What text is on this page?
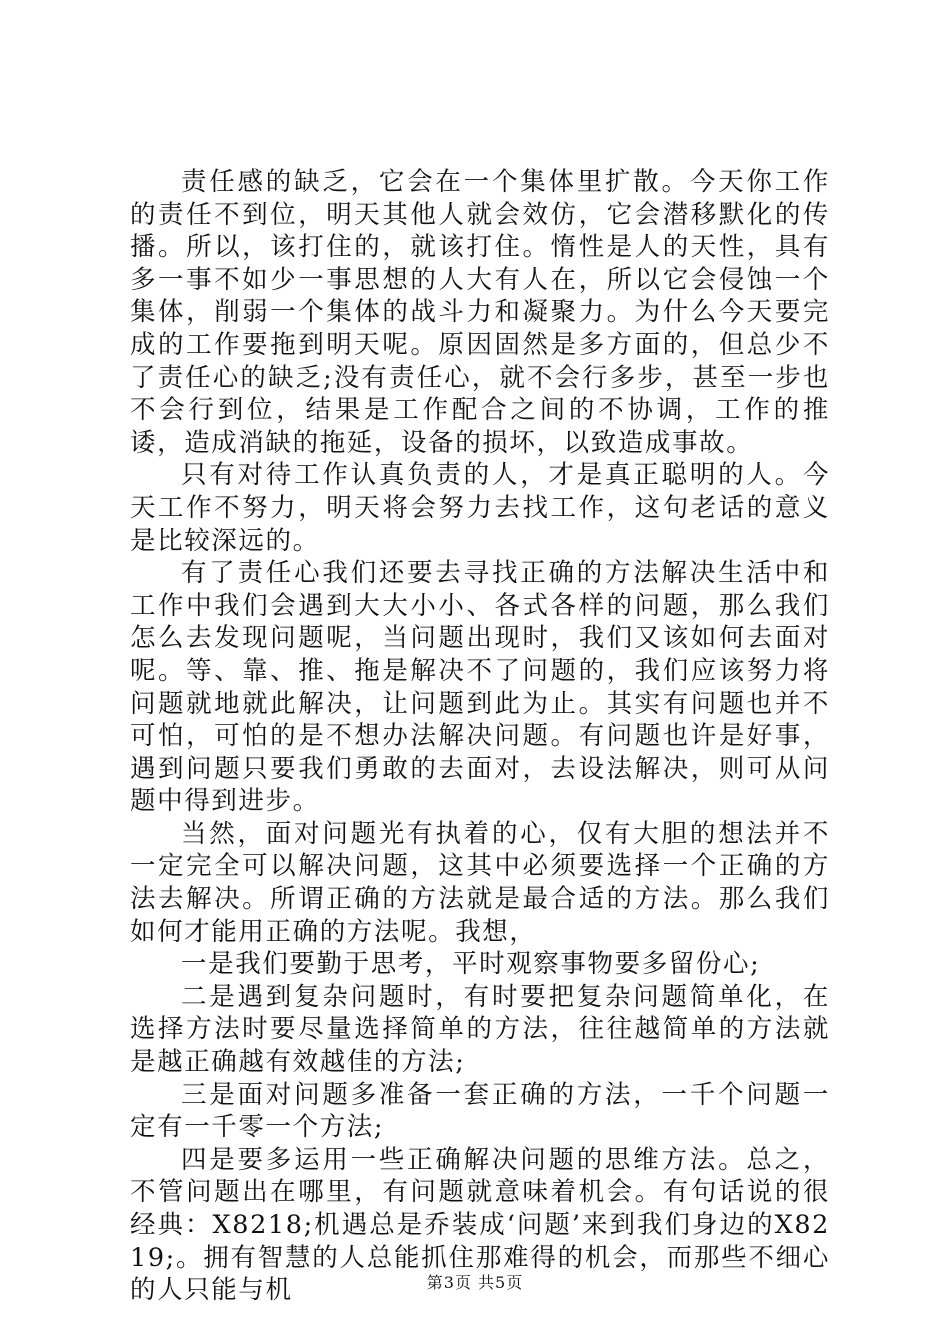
责任感的缺乏，它会在一个集体里扩散。今天你工作的责任不到位，明天其他人就会效仿，它会潜移默化的传播。所以，该打住的，就该打住。惰性是人的天性，具有多一事不如少一事思想的人大有人在，所以它会侵蚀一个集体，削弱一个集体的战斗力和凝聚力。为什么今天要完成的工作要拖到明天呢。原因固然是多方面的，但总少不了责任心的缺乏;没有责任心，就不会行多步，甚至一步也不会行到位，结果是工作配合之间的不协调，工作的推诿，造成消缺的拖延，设备的损坏，以致造成事故。

只有对待工作认真负责的人，才是真正聪明的人。今天工作不努力，明天将会努力去找工作，这句老话的意义是比较深远的。

有了责任心我们还要去寻找正确的方法解决生活中和工作中我们会遇到大大小小、各式各样的问题，那么我们怎么去发现问题呢，当问题出现时，我们又该如何去面对呢。等、靠、推、拖是解决不了问题的，我们应该努力将问题就地就此解决，让问题到此为止。其实有问题也并不可怕，可怕的是不想办法解决问题。有问题也许是好事，遇到问题只要我们勇敢的去面对，去设法解决，则可从问题中得到进步。

当然，面对问题光有执着的心，仅有大胆的想法并不一定完全可以解决问题，这其中必须要选择一个正确的方法去解决。所谓正确的方法就是最合适的方法。那么我们如何才能用正确的方法呢。我想，

一是我们要勤于思考，平时观察事物要多留份心;

二是遇到复杂问题时，有时要把复杂问题简单化，在选择方法时要尽量选择简单的方法，往往越简单的方法就是越正确越有效越佳的方法;

三是面对问题多准备一套正确的方法，一千个问题一定有一千零一个方法;

四是要多运用一些正确解决问题的思维方法。总之，不管问题出在哪里，有问题就意味着机会。有句话说的很经典：X8218;机遇总是乔装成‘问题’来到我们身边的X8219;。拥有智慧的人总能抓住那难得的机会，而那些不细心的人只能与机	第3页 共5页
